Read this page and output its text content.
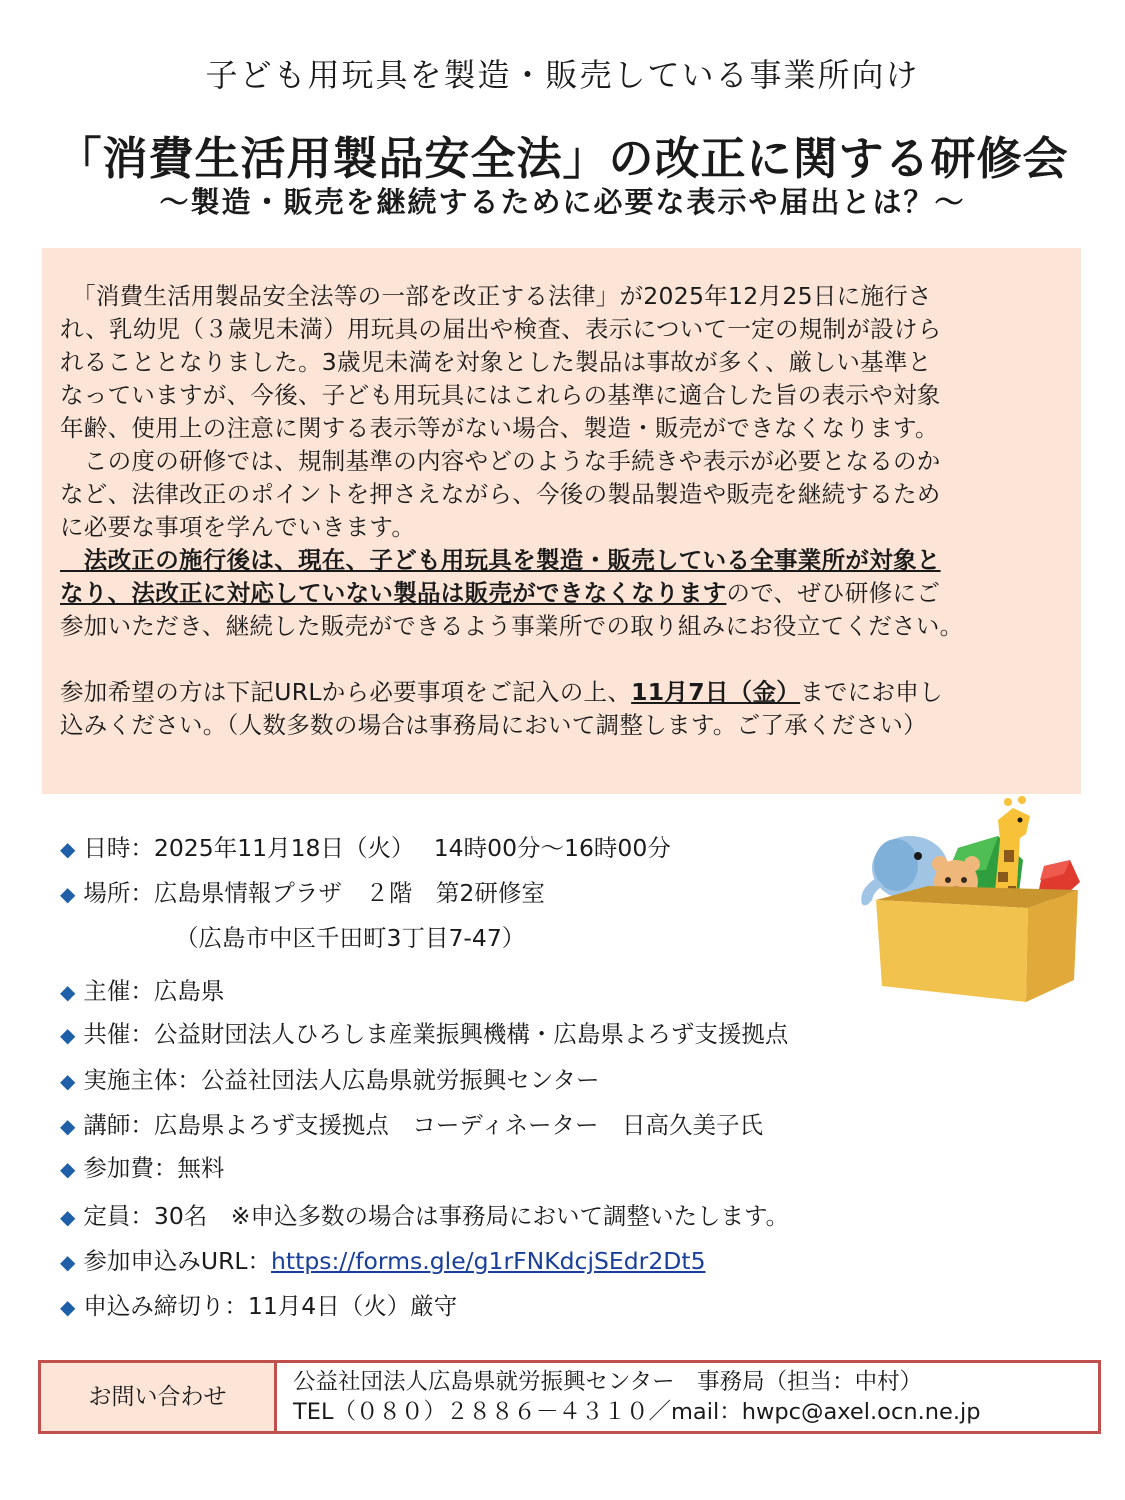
子ども用玩具を製造・販売している事業所向け
「消費生活用製品安全法」の改正に関する研修会
～製造・販売を継続するために必要な表示や届出とは？～

　「消費生活用製品安全法等の一部を改正する法律」が2025年12月25日に施行さ

れ、乳幼児（３歳児未満）用玩具の届出や検査、表示について一定の規制が設けら

れることとなりました。3歳児未満を対象とした製品は事故が多く、厳しい基準と

なっていますが、今後、子ども用玩具にはこれらの基準に適合した旨の表示や対象

年齢、使用上の注意に関する表示等がない場合、製造・販売ができなくなります。

　この度の研修では、規制基準の内容やどのような手続きや表示が必要となるのか

など、法律改正のポイントを押さえながら、今後の製品製造や販売を継続するため

に必要な事項を学んでいきます。

　法改正の施行後は、現在、子ども用玩具を製造・販売している全事業所が対象と

なり、法改正に対応していない製品は販売ができなくなりますので、ぜひ研修にご

参加いただき、継続した販売ができるよう事業所での取り組みにお役立てください。

参加希望の方は下記URLから必要事項をご記入の上、11月7日（金）までにお申し

込みください。（人数多数の場合は事務局において調整します。ご了承ください）

◆ 日時：2025年11月18日（火）　 14時00分～16時00分
◆ 場所：広島県情報プラザ　２階　第2研修室
（広島市中区千田町3丁目7-47）
◆ 主催：広島県
◆ 共催：公益財団法人ひろしま産業振興機構・広島県よろず支援拠点
◆ 実施主体：公益社団法人広島県就労振興センター
◆ 講師：広島県よろず支援拠点　コーディネーター　日高久美子氏
◆ 参加費：無料
◆ 定員：30名　※申込多数の場合は事務局において調整いたします。
◆ 参加申込みURL：https://forms.gle/g1rFNKdcjSEdr2Dt5
◆ 申込み締切り：11月4日（火）厳守
お問い合わせ
公益社団法人広島県就労振興センター　事務局（担当：中村）
TEL（０８０）２８８６－４３１０／mail：hwpc@axel.ocn.ne.jp
